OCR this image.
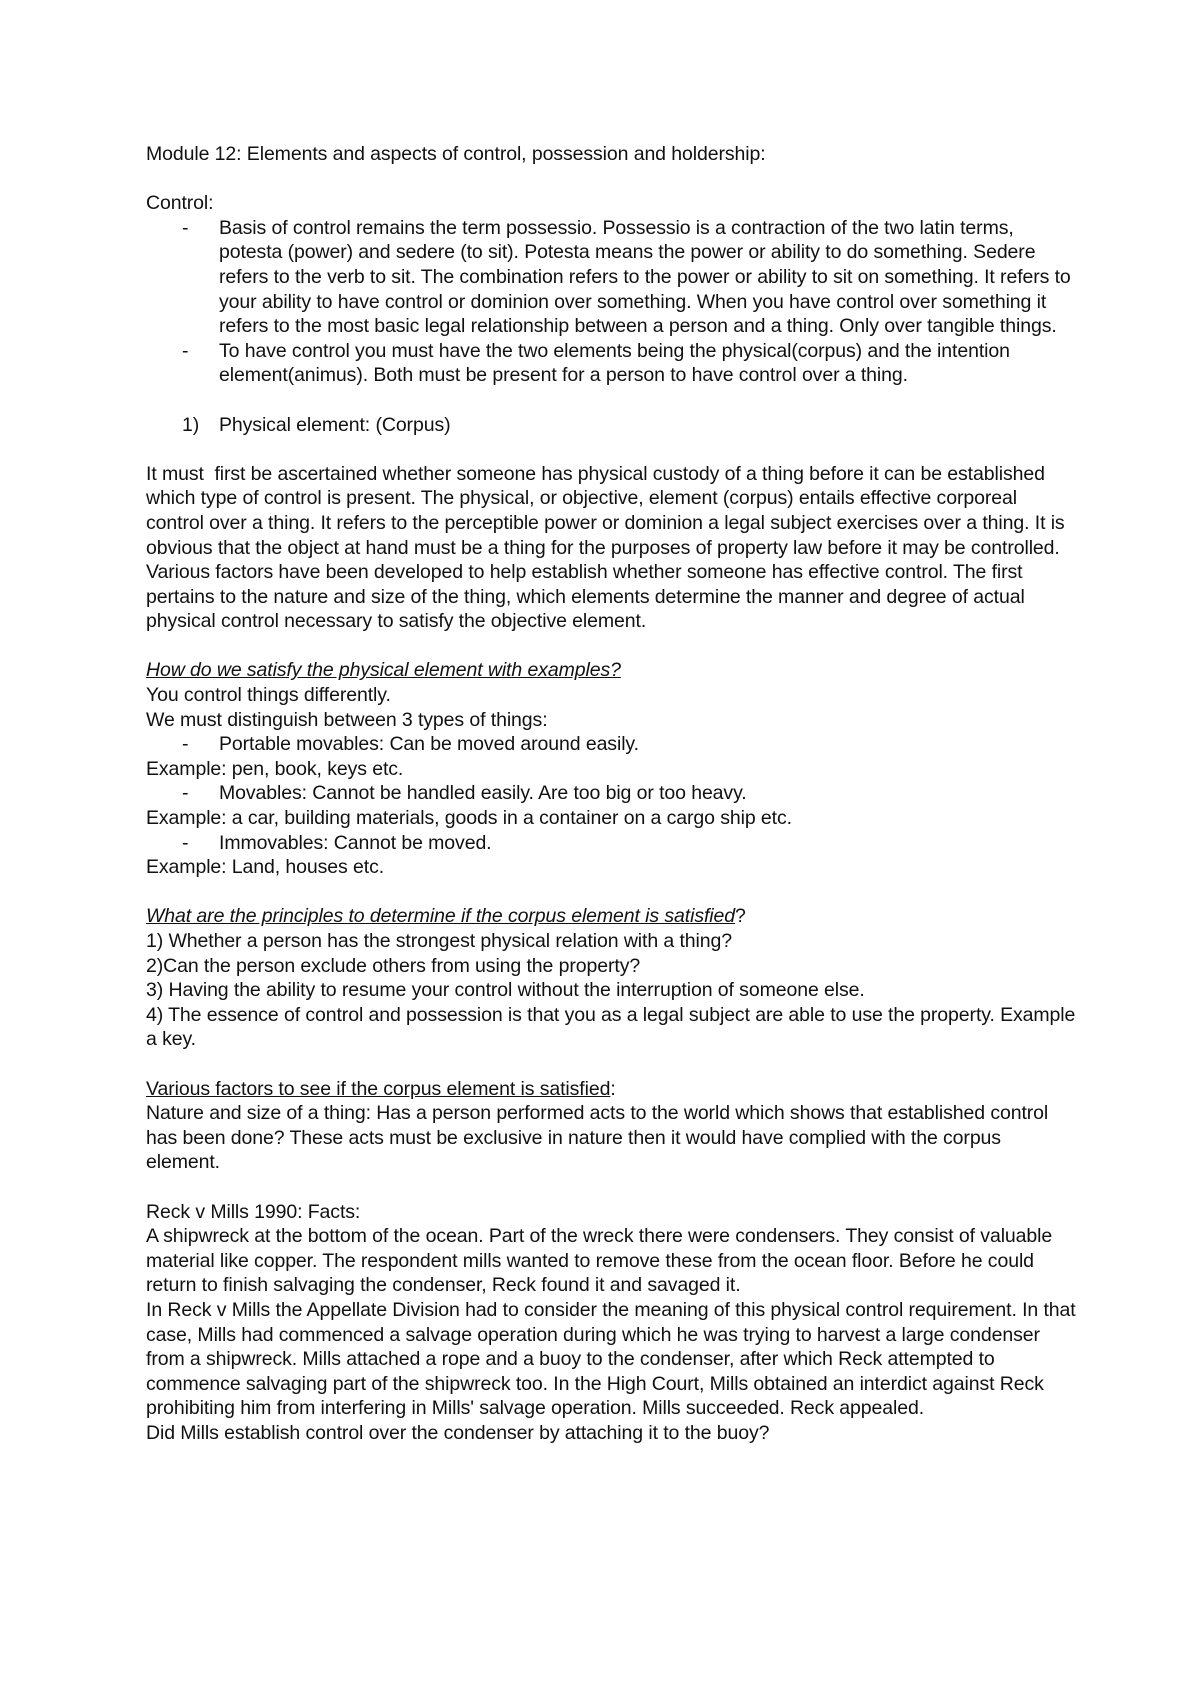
Module 12: Elements and aspects of control, possession and holdership:

Control:

- Basis of control remains the term possessio. Possessio is a contraction of the two latin terms, potesta (power) and sedere (to sit). Potesta means the power or ability to do something. Sedere refers to the verb to sit. The combination refers to the power or ability to sit on something. It refers to your ability to have control or dominion over something. When you have control over something it refers to the most basic legal relationship between a person and a thing. Only over tangible things.

- To have control you must have the two elements being the physical(corpus) and the intention element(animus). Both must be present for a person to have control over a thing.

1) Physical element: (Corpus)

It must  first be ascertained whether someone has physical custody of a thing before it can be established which type of control is present. The physical, or objective, element (corpus) entails effective corporeal control over a thing. It refers to the perceptible power or dominion a legal subject exercises over a thing. It is obvious that the object at hand must be a thing for the purposes of property law before it may be controlled. Various factors have been developed to help establish whether someone has effective control. The first pertains to the nature and size of the thing, which elements determine the manner and degree of actual physical control necessary to satisfy the objective element.

How do we satisfy the physical element with examples?

You control things differently.

We must distinguish between 3 types of things:

- Portable movables: Can be moved around easily.

Example: pen, book, keys etc.

- Movables: Cannot be handled easily. Are too big or too heavy.

Example: a car, building materials, goods in a container on a cargo ship etc.

- Immovables: Cannot be moved.

Example: Land, houses etc.

What are the principles to determine if the corpus element is satisfied?

1) Whether a person has the strongest physical relation with a thing?

2)Can the person exclude others from using the property?

3) Having the ability to resume your control without the interruption of someone else.

4) The essence of control and possession is that you as a legal subject are able to use the property. Example a key.

Various factors to see if the corpus element is satisfied:

Nature and size of a thing: Has a person performed acts to the world which shows that established control has been done? These acts must be exclusive in nature then it would have complied with the corpus element.

Reck v Mills 1990: Facts:

A shipwreck at the bottom of the ocean. Part of the wreck there were condensers. They consist of valuable material like copper. The respondent mills wanted to remove these from the ocean floor. Before he could return to finish salvaging the condenser, Reck found it and savaged it.

In Reck v Mills the Appellate Division had to consider the meaning of this physical control requirement. In that case, Mills had commenced a salvage operation during which he was trying to harvest a large condenser from a shipwreck. Mills attached a rope and a buoy to the condenser, after which Reck attempted to commence salvaging part of the shipwreck too. In the High Court, Mills obtained an interdict against Reck prohibiting him from interfering in Mills' salvage operation. Mills succeeded. Reck appealed.

Did Mills establish control over the condenser by attaching it to the buoy?
